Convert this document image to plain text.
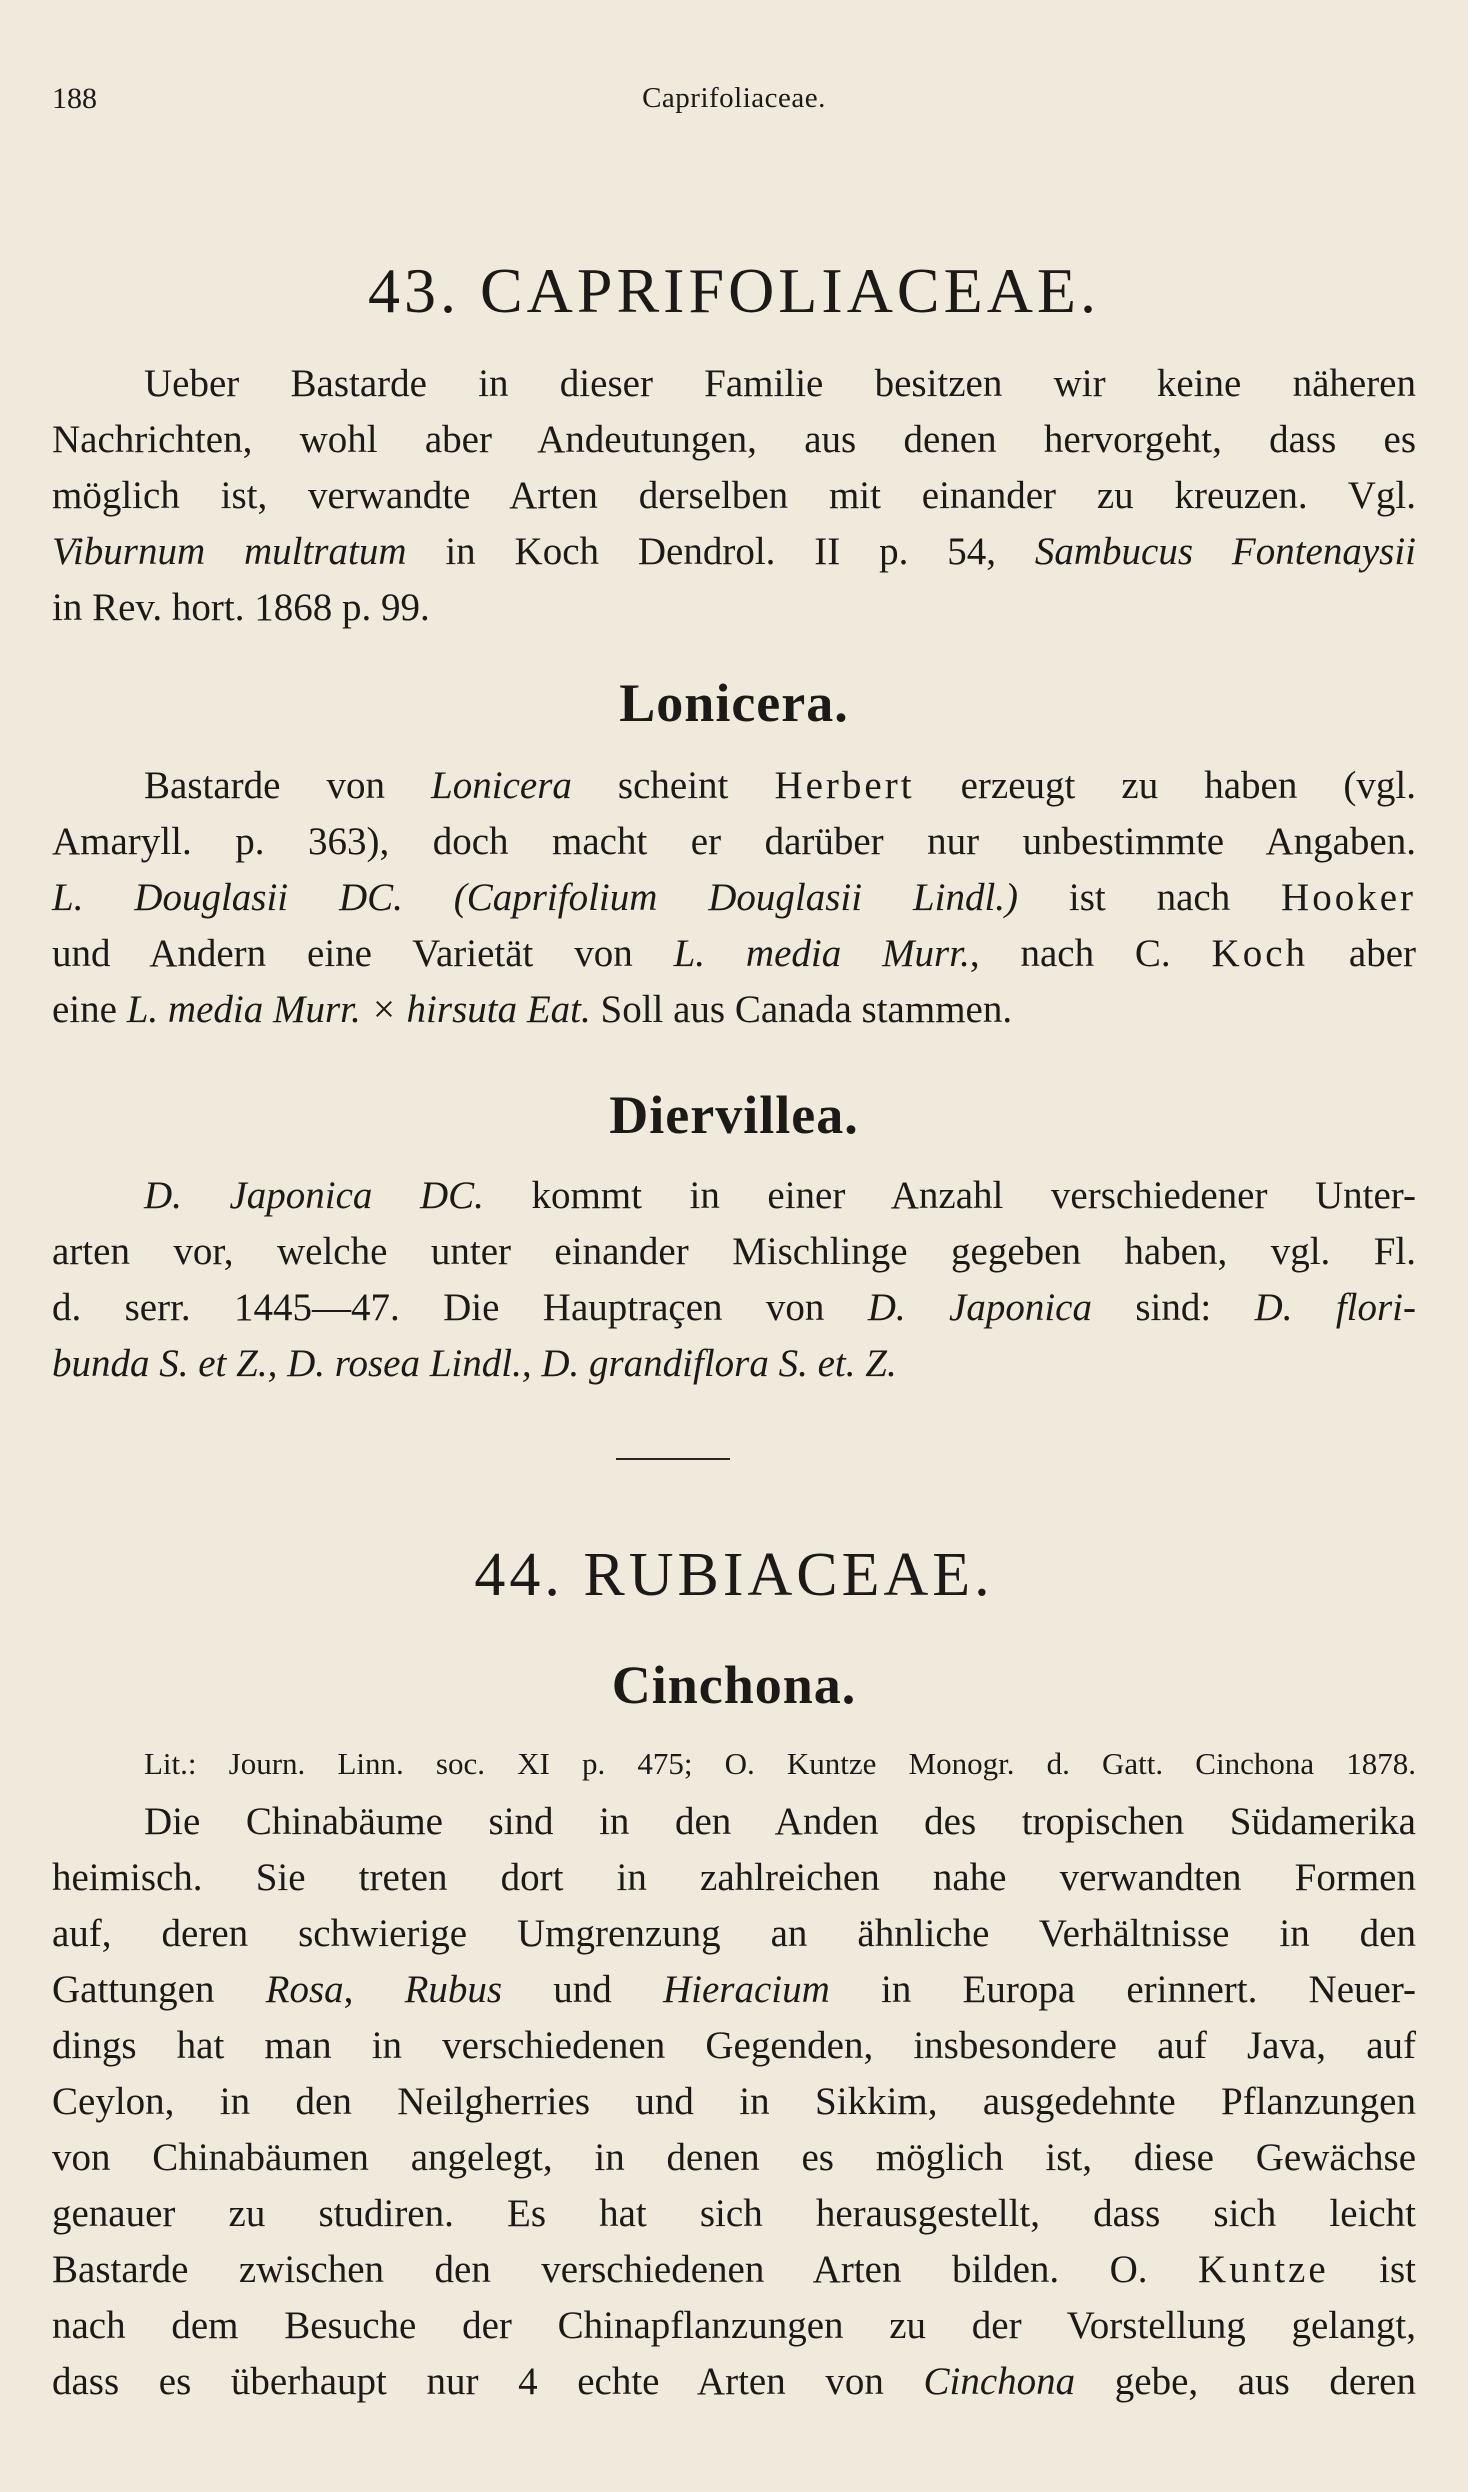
188	Caprifoliaceae.
43. CAPRIFOLIACEAE.
Ueber Bastarde in dieser Familie besitzen wir keine näheren
Nachrichten, wohl aber Andeutungen, aus denen hervorgeht, dass es
möglich ist, verwandte Arten derselben mit einander zu kreuzen. Vgl.
Viburnum multratum in Koch Dendrol. II p. 54, Sambucus Fontenaysii
in Rev. hort. 1868 p. 99.
Lonicera.
Bastarde von Lonicera scheint Herbert erzeugt zu haben (vgl.
Amaryll. p. 363), doch macht er darüber nur unbestimmte Angaben.
L. Douglasii DC. (Caprifolium Douglasii Lindl.) ist nach Hooker
und Andern eine Varietät von L. media Murr., nach C. Koch aber
eine L. media Murr. × hirsuta Eat. Soll aus Canada stammen.
Diervillea.
D. Japonica DC. kommt in einer Anzahl verschiedener Unter-
arten vor, welche unter einander Mischlinge gegeben haben, vgl. Fl.
d. serr. 1445—47. Die Hauptraçen von D. Japonica sind: D. flori-
bunda S. et Z., D. rosea Lindl., D. grandiflora S. et. Z.
44. RUBIACEAE.
Cinchona.
Lit.: Journ. Linn. soc. XI p. 475; O. Kuntze Monogr. d. Gatt. Cinchona 1878.
Die Chinabäume sind in den Anden des tropischen Südamerika
heimisch. Sie treten dort in zahlreichen nahe verwandten Formen
auf, deren schwierige Umgrenzung an ähnliche Verhältnisse in den
Gattungen Rosa, Rubus und Hieracium in Europa erinnert. Neuer-
dings hat man in verschiedenen Gegenden, insbesondere auf Java, auf
Ceylon, in den Neilgherries und in Sikkim, ausgedehnte Pflanzungen
von Chinabäumen angelegt, in denen es möglich ist, diese Gewächse
genauer zu studiren. Es hat sich herausgestellt, dass sich leicht
Bastarde zwischen den verschiedenen Arten bilden. O. Kuntze ist
nach dem Besuche der Chinapflanzungen zu der Vorstellung gelangt,
dass es überhaupt nur 4 echte Arten von Cinchona gebe, aus deren
